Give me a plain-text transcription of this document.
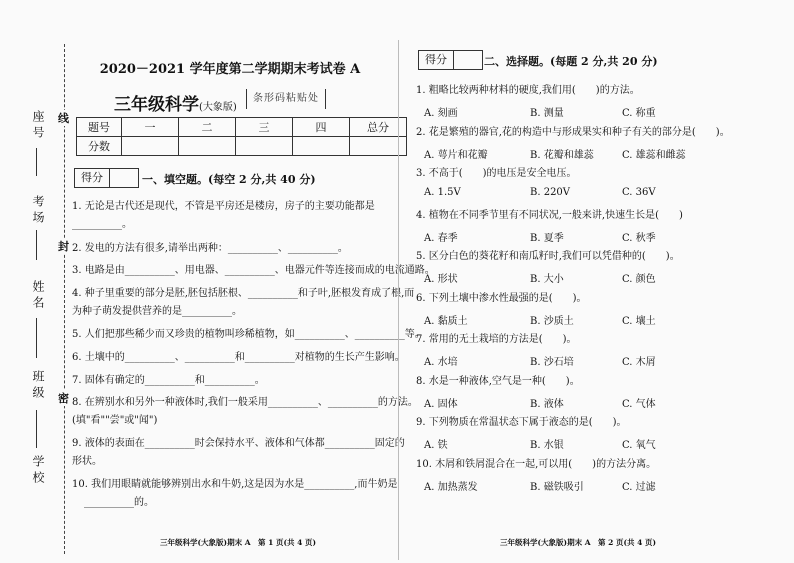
座号
考场
姓名
班级
学校
线
封
密
2020－2021 学年度第二学期期末考试卷 A
三年级科学(大象版)
条形码粘贴处
题号	一	二	三	四	总分
分数					
得分	一、填空题。(每空 2 分,共 40 分)
1. 无论是古代还是现代，不管是平房还是楼房，房子的主要功能都是
__________。
2. 发电的方法有很多,请举出两种：__________、__________。
3. 电路是由__________、用电器、__________、电器元件等连接而成的电流通路。
4. 种子里重要的部分是胚,胚包括胚根、__________和子叶,胚根发育成了根,而
为种子萌发提供营养的是__________。
5. 人们把那些稀少而又珍贵的植物叫珍稀植物，如__________、__________等。
6. 土壤中的__________、__________和__________对植物的生长产生影响。
7. 固体有确定的__________和__________。
8. 在辨别水和另外一种液体时,我们一般采用__________、__________的方法。
(填"看""尝"或"闻")
9. 液体的表面在__________时会保持水平、液体和气体都__________固定的
形状。
10. 我们用眼睛就能够辨别出水和牛奶,这是因为水是__________,而牛奶是
__________的。
三年级科学(大象版)期末 A　第 1 页(共 4 页)
得分	二、选择题。(每题 2 分,共 20 分)
1. 粗略比较两种材料的硬度,我们用(　　)的方法。
A. 刻画	B. 测量	C. 称重
2. 花是繁殖的器官,花的构造中与形成果实和种子有关的部分是(　　)。
A. 萼片和花瓣	B. 花瓣和雄蕊	C. 雄蕊和雌蕊
3. 不高于(　　)的电压是安全电压。
A. 1.5V	B. 220V	C. 36V
4. 植物在不同季节里有不同状况,一般来讲,快速生长是(　　)
A. 春季	B. 夏季	C. 秋季
5. 区分白色的葵花籽和南瓜籽时,我们可以凭借种的(　　)。
A. 形状	B. 大小	C. 颜色
6. 下列土壤中渗水性最强的是(　　)。
A. 黏质土	B. 沙质土	C. 壤土
7. 常用的无土栽培的方法是(　　)。
A. 水培	B. 沙石培	C. 木屑
8. 水是一种液体,空气是一种(　　)。
A. 固体	B. 液体	C. 气体
9. 下列物质在常温状态下属于液态的是(　　)。
A. 铁	B. 水银	C. 氧气
10. 木屑和铁屑混合在一起,可以用(　　)的方法分离。
A. 加热蒸发	B. 磁铁吸引	C. 过滤
三年级科学(大象版)期末 A　第 2 页(共 4 页)
